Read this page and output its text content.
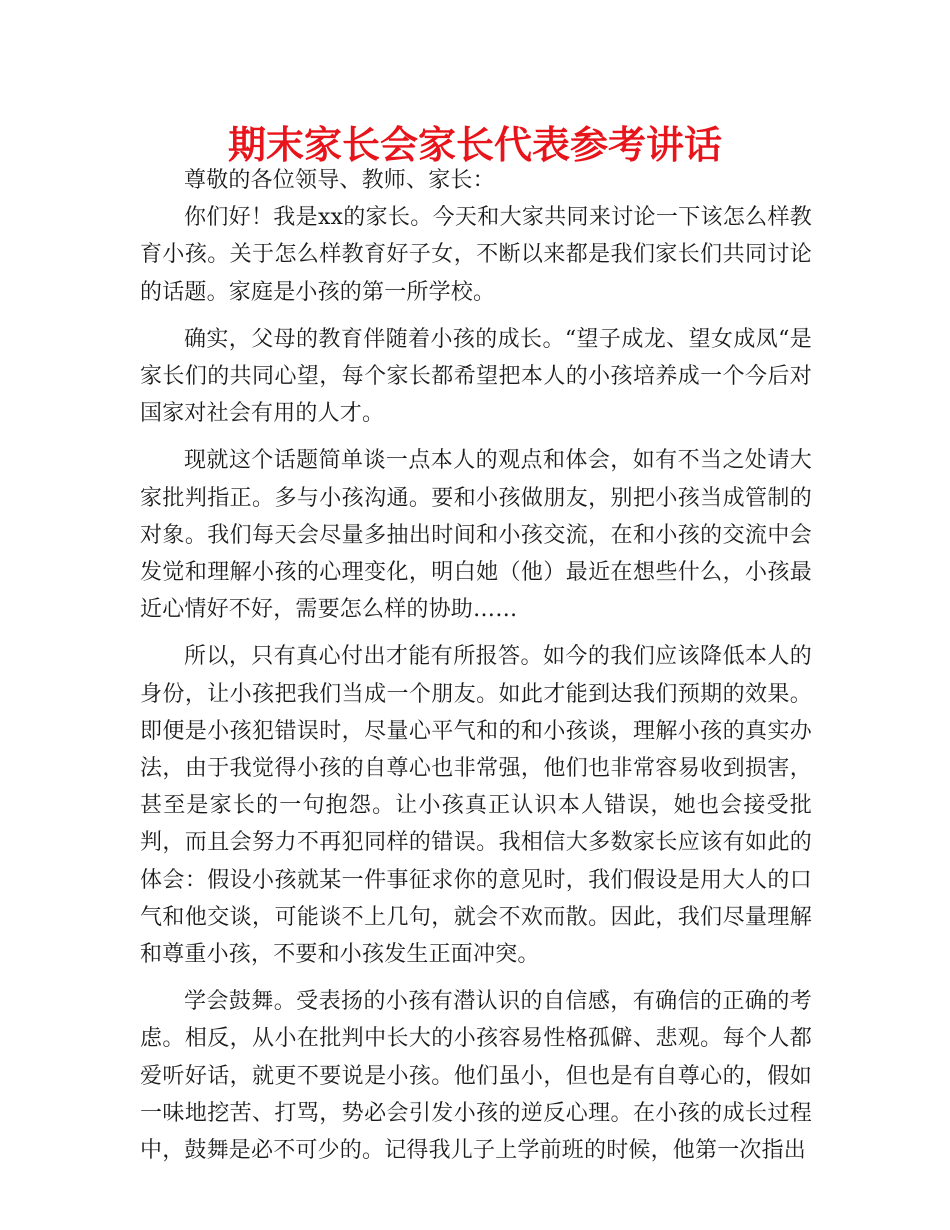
期末家长会家长代表参考讲话

尊敬的各位领导、教师、家长：

你们好！我是xx的家长。今天和大家共同来讨论一下该怎么样教育小孩。关于怎么样教育好子女，不断以来都是我们家长们共同讨论的话题。家庭是小孩的第一所学校。

确实，父母的教育伴随着小孩的成长。“望子成龙、望女成凤“是家长们的共同心望，每个家长都希望把本人的小孩培养成一个今后对国家对社会有用的人才。

现就这个话题简单谈一点本人的观点和体会，如有不当之处请大家批判指正。多与小孩沟通。要和小孩做朋友，别把小孩当成管制的对象。我们每天会尽量多抽出时间和小孩交流，在和小孩的交流中会发觉和理解小孩的心理变化，明白她（他）最近在想些什么，小孩最近心情好不好，需要怎么样的协助……

所以，只有真心付出才能有所报答。如今的我们应该降低本人的身份，让小孩把我们当成一个朋友。如此才能到达我们预期的效果。即便是小孩犯错误时，尽量心平气和的和小孩谈，理解小孩的真实办法，由于我觉得小孩的自尊心也非常强，他们也非常容易收到损害，甚至是家长的一句抱怨。让小孩真正认识本人错误，她也会接受批判，而且会努力不再犯同样的错误。我相信大多数家长应该有如此的体会：假设小孩就某一件事征求你的意见时，我们假设是用大人的口气和他交谈，可能谈不上几句，就会不欢而散。因此，我们尽量理解和尊重小孩，不要和小孩发生正面冲突。

学会鼓舞。受表扬的小孩有潜认识的自信感，有确信的正确的考虑。相反，从小在批判中长大的小孩容易性格孤僻、悲观。每个人都爱听好话，就更不要说是小孩。他们虽小，但也是有自尊心的，假如一味地挖苦、打骂，势必会引发小孩的逆反心理。在小孩的成长过程中，鼓舞是必不可少的。记得我儿子上学前班的时候，他第一次指出
